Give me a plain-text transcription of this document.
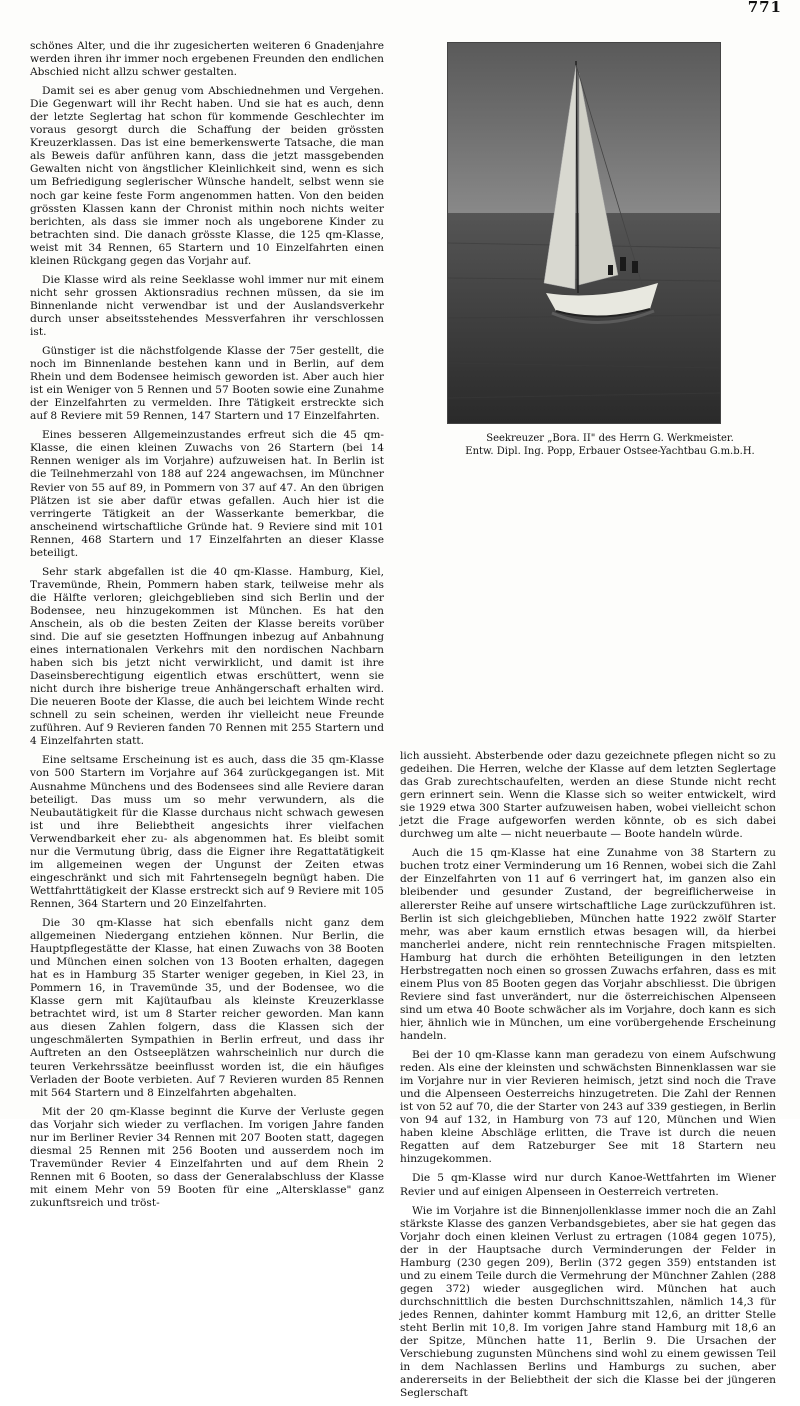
771

schönes Alter, und die ihr zugesicherten weiteren 6 Gnadenjahre werden ihren ihr immer noch ergebenen Freunden den endlichen Abschied nicht allzu schwer gestalten.

Damit sei es aber genug vom Abschiednehmen und Vergehen. Die Gegenwart will ihr Recht haben. Und sie hat es auch, denn der letzte Seglertag hat schon für kommende Geschlechter im voraus gesorgt durch die Schaffung der beiden grössten Kreuzerklassen. Das ist eine bemerkenswerte Tatsache, die man als Beweis dafür anführen kann, dass die jetzt massgebenden Gewalten nicht von ängstlicher Kleinlichkeit sind, wenn es sich um Befriedigung seglerischer Wünsche handelt, selbst wenn sie noch gar keine feste Form angenommen hatten. Von den beiden grössten Klassen kann der Chronist mithin noch nichts weiter berichten, als dass sie immer noch als ungeborene Kinder zu betrachten sind. Die danach grösste Klasse, die 125 qm-Klasse, weist mit 34 Rennen, 65 Startern und 10 Einzelfahrten einen kleinen Rückgang gegen das Vorjahr auf.

Die Klasse wird als reine Seeklasse wohl immer nur mit einem nicht sehr grossen Aktionsradius rechnen müssen, da sie im Binnenlande nicht verwendbar ist und der Auslandsverkehr durch unser abseitsstehendes Messverfahren ihr verschlossen ist.

Günstiger ist die nächstfolgende Klasse der 75er gestellt, die noch im Binnenlande bestehen kann und in Berlin, auf dem Rhein und dem Bodensee heimisch geworden ist. Aber auch hier ist ein Weniger von 5 Rennen und 57 Booten sowie eine Zunahme der Einzelfahrten zu vermelden. Ihre Tätigkeit erstreckte sich auf 8 Reviere mit 59 Rennen, 147 Startern und 17 Einzelfahrten.

Eines besseren Allgemeinzustandes erfreut sich die 45 qm-Klasse, die einen kleinen Zuwachs von 26 Startern (bei 14 Rennen weniger als im Vorjahre) aufzuweisen hat. In Berlin ist die Teilnehmerzahl von 188 auf 224 angewachsen, im Münchner Revier von 55 auf 89, in Pommern von 37 auf 47. An den übrigen Plätzen ist sie aber dafür etwas gefallen. Auch hier ist die verringerte Tätigkeit an der Wasserkante bemerkbar, die anscheinend wirtschaftliche Gründe hat. 9 Reviere sind mit 101 Rennen, 468 Startern und 17 Einzelfahrten an dieser Klasse beteiligt.

Sehr stark abgefallen ist die 40 qm-Klasse. Hamburg, Kiel, Travemünde, Rhein, Pommern haben stark, teilweise mehr als die Hälfte verloren; gleichgeblieben sind sich Berlin und der Bodensee, neu hinzugekommen ist München. Es hat den Anschein, als ob die besten Zeiten der Klasse bereits vorüber sind. Die auf sie gesetzten Hoffnungen inbezug auf Anbahnung eines internationalen Verkehrs mit den nordischen Nachbarn haben sich bis jetzt nicht verwirklicht, und damit ist ihre Daseinsberechtigung eigentlich etwas erschüttert, wenn sie nicht durch ihre bisherige treue Anhängerschaft erhalten wird. Die neueren Boote der Klasse, die auch bei leichtem Winde recht schnell zu sein scheinen, werden ihr vielleicht neue Freunde zuführen. Auf 9 Revieren fanden 70 Rennen mit 255 Startern und 4 Einzelfahrten statt.

Eine seltsame Erscheinung ist es auch, dass die 35 qm-Klasse von 500 Startern im Vorjahre auf 364 zurückgegangen ist. Mit Ausnahme Münchens und des Bodensees sind alle Reviere daran beteiligt. Das muss um so mehr verwundern, als die Neubautätigkeit für die Klasse durchaus nicht schwach gewesen ist und ihre Beliebtheit angesichts ihrer vielfachen Verwendbarkeit eher zu- als abgenommen hat. Es bleibt somit nur die Vermutung übrig, dass die Eigner ihre Regattatätigkeit im allgemeinen wegen der Ungunst der Zeiten etwas eingeschränkt und sich mit Fahrtensegeln begnügt haben. Die Wettfahrttätigkeit der Klasse erstreckt sich auf 9 Reviere mit 105 Rennen, 364 Startern und 20 Einzelfahrten.

Die 30 qm-Klasse hat sich ebenfalls nicht ganz dem allgemeinen Niedergang entziehen können. Nur Berlin, die Hauptpflegestätte der Klasse, hat einen Zuwachs von 38 Booten und München einen solchen von 13 Booten erhalten, dagegen hat es in Hamburg 35 Starter weniger gegeben, in Kiel 23, in Pommern 16, in Travemünde 35, und der Bodensee, wo die Klasse gern mit Kajütaufbau als kleinste Kreuzerklasse betrachtet wird, ist um 8 Starter reicher geworden. Man kann aus diesen Zahlen folgern, dass die Klassen sich der ungeschmälerten Sympathien in Berlin erfreut, und dass ihr Auftreten an den Ostseeplätzen wahrscheinlich nur durch die teuren Verkehrssätze beeinflusst worden ist, die ein häufiges Verladen der Boote verbieten. Auf 7 Revieren wurden 85 Rennen mit 564 Startern und 8 Einzelfahrten abgehalten.

Mit der 20 qm-Klasse beginnt die Kurve der Verluste gegen das Vorjahr sich wieder zu verflachen. Im vorigen Jahre fanden nur im Berliner Revier 34 Rennen mit 207 Booten statt, dagegen diesmal 25 Rennen mit 256 Booten und ausserdem noch im Travemünder Revier 4 Einzelfahrten und auf dem Rhein 2 Rennen mit 6 Booten, so dass der Generalabschluss der Klasse mit einem Mehr von 59 Booten für eine „Altersklasse" ganz zukunftsreich und tröst-

Seekreuzer „Bora. II" des Herrn G. Werkmeister.
Entw. Dipl. Ing. Popp, Erbauer Ostsee-Yachtbau G.m.b.H.

lich aussieht. Absterbende oder dazu gezeichnete pflegen nicht so zu gedeihen. Die Herren, welche der Klasse auf dem letzten Seglertage das Grab zurechtschaufelten, werden an diese Stunde nicht recht gern erinnert sein. Wenn die Klasse sich so weiter entwickelt, wird sie 1929 etwa 300 Starter aufzuweisen haben, wobei vielleicht schon jetzt die Frage aufgeworfen werden könnte, ob es sich dabei durchweg um alte — nicht neuerbaute — Boote handeln würde.

Auch die 15 qm-Klasse hat eine Zunahme von 38 Startern zu buchen trotz einer Verminderung um 16 Rennen, wobei sich die Zahl der Einzelfahrten von 11 auf 6 verringert hat, im ganzen also ein bleibender und gesunder Zustand, der begreiflicherweise in allererster Reihe auf unsere wirtschaftliche Lage zurückzuführen ist. Berlin ist sich gleichgeblieben, München hatte 1922 zwölf Starter mehr, was aber kaum ernstlich etwas besagen will, da hierbei mancherlei andere, nicht rein renntechnische Fragen mitspielten. Hamburg hat durch die erhöhten Beteiligungen in den letzten Herbstregatten noch einen so grossen Zuwachs erfahren, dass es mit einem Plus von 85 Booten gegen das Vorjahr abschliesst. Die übrigen Reviere sind fast unverändert, nur die österreichischen Alpenseen sind um etwa 40 Boote schwächer als im Vorjahre, doch kann es sich hier, ähnlich wie in München, um eine vorübergehende Erscheinung handeln.

Bei der 10 qm-Klasse kann man geradezu von einem Aufschwung reden. Als eine der kleinsten und schwächsten Binnenklassen war sie im Vorjahre nur in vier Revieren heimisch, jetzt sind noch die Trave und die Alpenseen Oesterreichs hinzugetreten. Die Zahl der Rennen ist von 52 auf 70, die der Starter von 243 auf 339 gestiegen, in Berlin von 94 auf 132, in Hamburg von 73 auf 120, München und Wien haben kleine Abschläge erlitten, die Trave ist durch die neuen Regatten auf dem Ratzeburger See mit 18 Startern neu hinzugekommen.

Die 5 qm-Klasse wird nur durch Kanoe-Wettfahrten im Wiener Revier und auf einigen Alpenseen in Oesterreich vertreten.

Wie im Vorjahre ist die Binnenjollenklasse immer noch die an Zahl stärkste Klasse des ganzen Verbandsgebietes, aber sie hat gegen das Vorjahr doch einen kleinen Verlust zu ertragen (1084 gegen 1075), der in der Hauptsache durch Verminderungen der Felder in Hamburg (230 gegen 209), Berlin (372 gegen 359) entstanden ist und zu einem Teile durch die Vermehrung der Münchner Zahlen (288 gegen 372) wieder ausgeglichen wird. München hat auch durchschnittlich die besten Durchschnittszahlen, nämlich 14,3 für jedes Rennen, dahinter kommt Hamburg mit 12,6, an dritter Stelle steht Berlin mit 10,8. Im vorigen Jahre stand Hamburg mit 18,6 an der Spitze, München hatte 11, Berlin 9. Die Ursachen der Verschiebung zugunsten Münchens sind wohl zu einem gewissen Teil in dem Nachlassen Berlins und Hamburgs zu suchen, aber andererseits in der Beliebtheit der sich die Klasse bei der jüngeren Seglerschaft
